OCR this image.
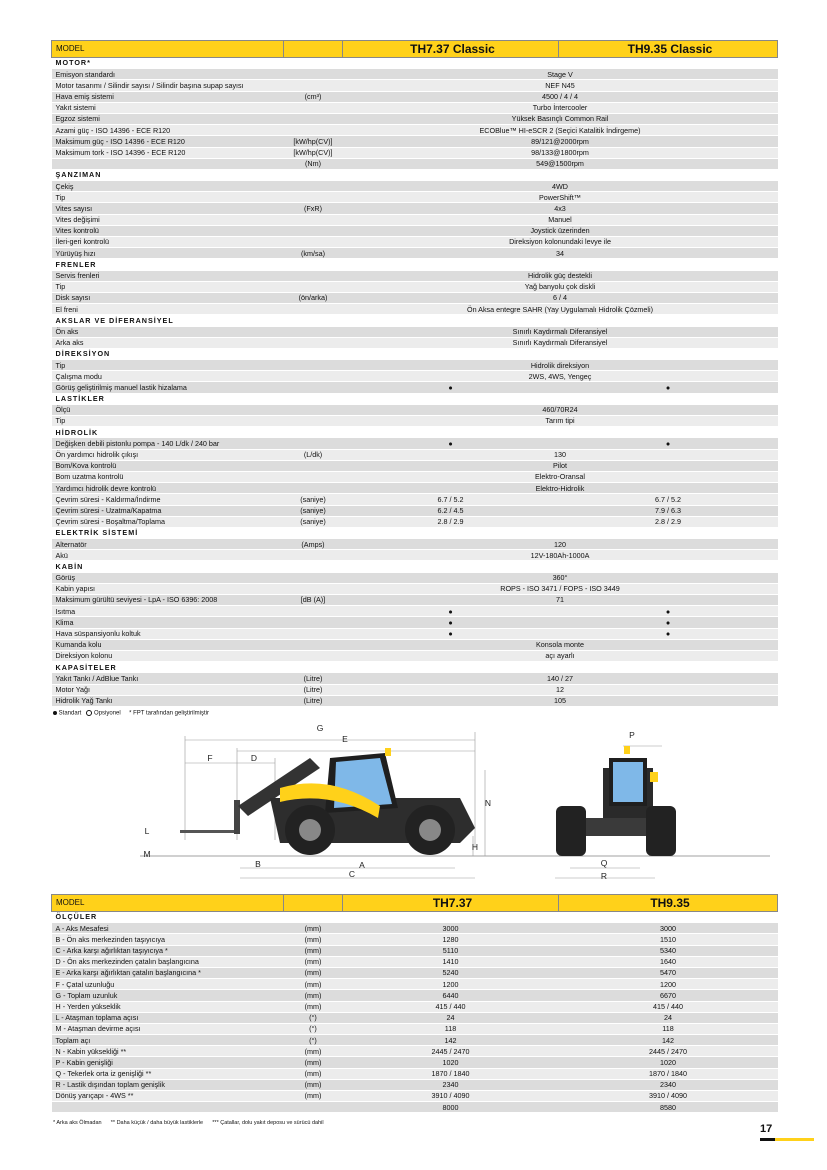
MODEL		TH7.37 Classic	TH9.35 Classic
MOTOR*			
Emisyon standardı		Stage V	
Motor tasarımı / Silindir sayısı / Silindir başına supap sayısı		NEF N45	
Hava emiş sistemi	(cm³)	4500 / 4 / 4	
Yakıt sistemi		Turbo İntercooler	
Egzoz sistemi		Yüksek Basınçlı Common Rail	
Azami güç - ISO 14396 - ECE R120		ECOBlue™ HI-eSCR 2 (Seçici Katalitik İndirgeme)	
Maksimum güç - ISO 14396 - ECE R120	[kW/hp(CV)]	89/121@2000rpm	
Maksimum tork - ISO 14396 - ECE R120	[kW/hp(CV)]	98/133@1800rpm	
	(Nm)	549@1500rpm	
ŞANZIMAN			
Çekiş		4WD	
Tip		PowerShift™	
Vites sayısı	(FxR)	4x3	
Vites değişimi		Manuel	
Vites kontrolü		Joystick üzerinden	
İleri-geri kontrolü		Direksiyon kolonundaki levye ile	
Yürüyüş hızı	(km/sa)	34	
FRENLER			
Servis frenleri		Hidrolik güç destekli	
Tip		Yağ banyolu çok diskli	
Disk sayısı	(ön/arka)	6 / 4	
El freni		Ön Aksa entegre SAHR (Yay Uygulamalı Hidrolik Çözmeli)	
AKSLAR VE DİFERANSİYEL			
Ön aks		Sınırlı Kaydırmalı Diferansiyel	
Arka aks		Sınırlı Kaydırmalı Diferansiyel	
DİREKSİYON			
Tip		Hidrolik direksiyon	
Çalışma modu		2WS, 4WS, Yengeç	
Görüş geliştirilmiş manuel lastik hizalama		●	●
LASTİKLER			
Ölçü		460/70R24	
Tip		Tarım tipi	
HİDROLİK			
Değişken debili pistonlu pompa - 140 L/dk / 240 bar		●	●
Ön yardımcı hidrolik çıkışı	(L/dk)	130	
Bom/Kova kontrolü		Pilot	
Bom uzatma kontrolü		Elektro-Oransal	
Yardımcı hidrolik devre kontrolü		Elektro-Hidrolik	
Çevrim süresi - Kaldırma/İndirme	(saniye)	6.7 / 5.2	6.7 / 5.2
Çevrim süresi - Uzatma/Kapatma	(saniye)	6.2 / 4.5	7.9 / 6.3
Çevrim süresi - Boşaltma/Toplama	(saniye)	2.8 / 2.9	2.8 / 2.9
ELEKTRİK SİSTEMİ			
Alternatör	(Amps)	120	
Akü		12V-180Ah-1000A	
KABİN			
Görüş		360°	
Kabin yapısı		ROPS - ISO 3471 / FOPS - ISO 3449	
Maksimum gürültü seviyesi - LpA - ISO 6396: 2008	[dB (A)]	71	
Isıtma		●	●
Klima		●	●
Hava süspansiyonlu koltuk		●	●
Kumanda kolu		Konsola monte	
Direksiyon kolonu		açı ayarlı	
KAPASİTELER			
Yakıt Tankı / AdBlue Tankı	(Litre)	140 / 27	
Motor Yağı	(Litre)	12	
Hidrolik Yağ Tankı	(Litre)	105	
Standart Opsiyonel * FPT tarafından geliştirilmiştir
G
E
F	D
L
M
B	A
C
N
H
P
Q
R
MODEL		TH7.37	TH9.35
ÖLÇÜLER			
A - Aks Mesafesi	(mm)	3000	3000
B - Ön aks merkezinden taşıyıcıya	(mm)	1280	1510
C - Arka karşı ağırlıktan taşıyıcıya *	(mm)	5110	5340
D - Ön aks merkezinden çatalın başlangıcına	(mm)	1410	1640
E - Arka karşı ağırlıktan çatalın başlangıcına *	(mm)	5240	5470
F - Çatal uzunluğu	(mm)	1200	1200
G - Toplam uzunluk	(mm)	6440	6670
H - Yerden yükseklik	(mm)	415 / 440	415 / 440
L - Ataşman toplama açısı	(°)	24	24
M - Ataşman devirme açısı	(°)	118	118
Toplam açı	(°)	142	142
N - Kabin yüksekliği **	(mm)	2445 / 2470	2445 / 2470
P - Kabin genişliği	(mm)	1020	1020
Q - Tekerlek orta iz genişliği **	(mm)	1870 / 1840	1870 / 1840
R - Lastik dışından toplam genişlik	(mm)	2340	2340
Dönüş yarıçapı - 4WS **	(mm)	3910 / 4090	3910 / 4090
		8000	8580
* Arka aks Ölmadan ** Daha küçük / daha büyük lastiklerle *** Çatallar, dolu yakıt deposu ve sürücü dahil	17
